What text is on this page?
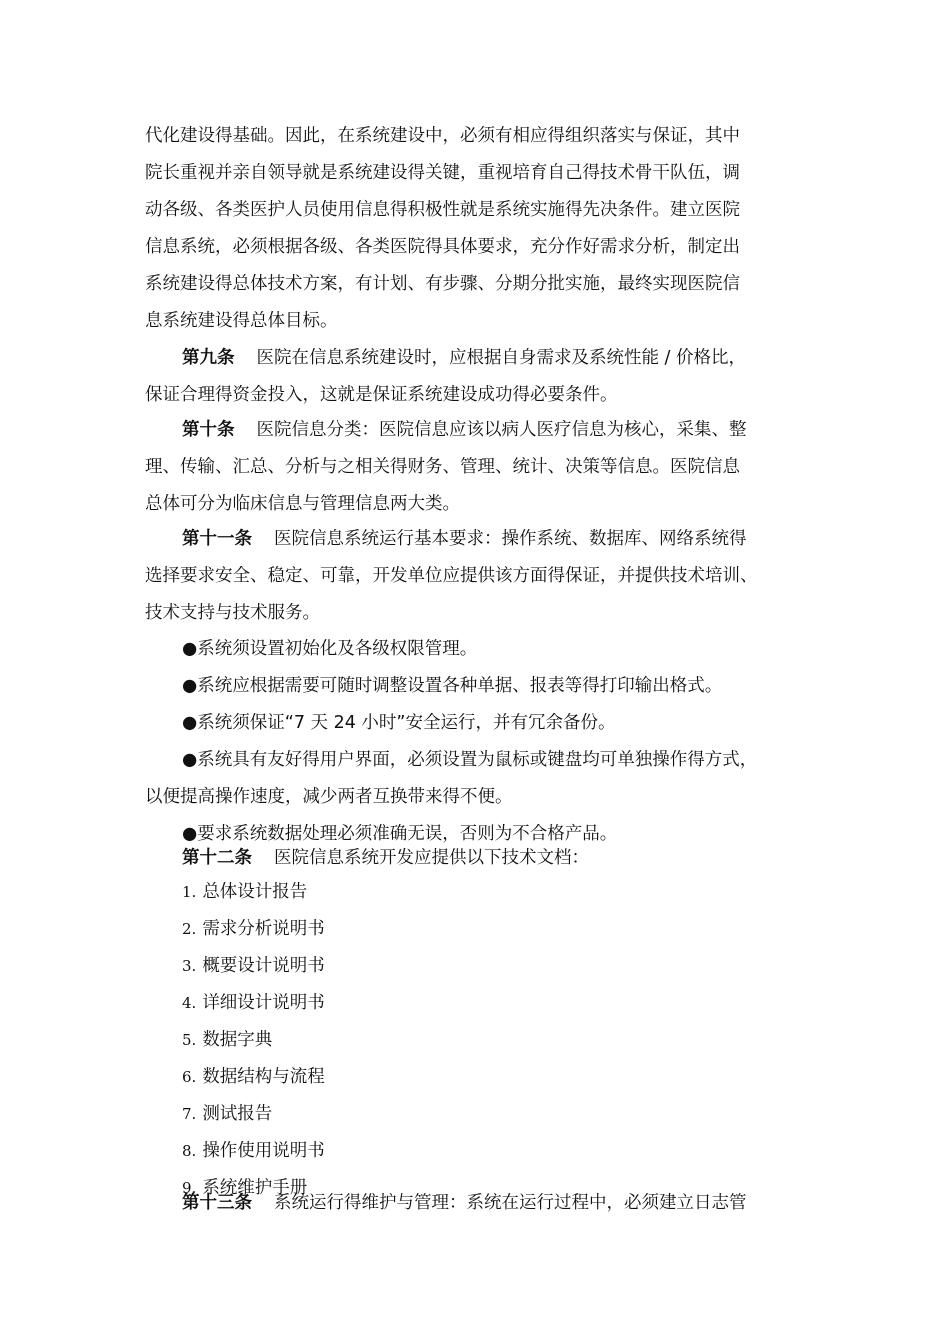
代化建设得基础。因此，在系统建设中，必须有相应得组织落实与保证，其中
院长重视并亲自领导就是系统建设得关键，重视培育自己得技术骨干队伍，调
动各级、各类医护人员使用信息得积极性就是系统实施得先决条件。建立医院
信息系统，必须根据各级、各类医院得具体要求，充分作好需求分析，制定出
系统建设得总体技术方案，有计划、有步骤、分期分批实施，最终实现医院信
息系统建设得总体目标。
第九条 医院在信息系统建设时，应根据自身需求及系统性能 / 价格比，
保证合理得资金投入，这就是保证系统建设成功得必要条件。
第十条 医院信息分类：医院信息应该以病人医疗信息为核心，采集、整
理、传输、汇总、分析与之相关得财务、管理、统计、决策等信息。医院信息
总体可分为临床信息与管理信息两大类。
第十一条 医院信息系统运行基本要求：操作系统、数据库、网络系统得
选择要求安全、稳定、可靠，开发单位应提供该方面得保证，并提供技术培训、
技术支持与技术服务。
●系统须设置初始化及各级权限管理。
●系统应根据需要可随时调整设置各种单据、报表等得打印输出格式。
●系统须保证“7 天 24 小时”安全运行，并有冗余备份。
●系统具有友好得用户界面，必须设置为鼠标或键盘均可单独操作得方式，
以便提高操作速度，减少两者互换带来得不便。
●要求系统数据处理必须准确无误，否则为不合格产品。
第十二条 医院信息系统开发应提供以下技术文档：
1. 总体设计报告
2. 需求分析说明书
3. 概要设计说明书
4. 详细设计说明书
5. 数据字典
6. 数据结构与流程
7. 测试报告
8. 操作使用说明书
9. 系统维护手册
第十三条 系统运行得维护与管理：系统在运行过程中，必须建立日志管
